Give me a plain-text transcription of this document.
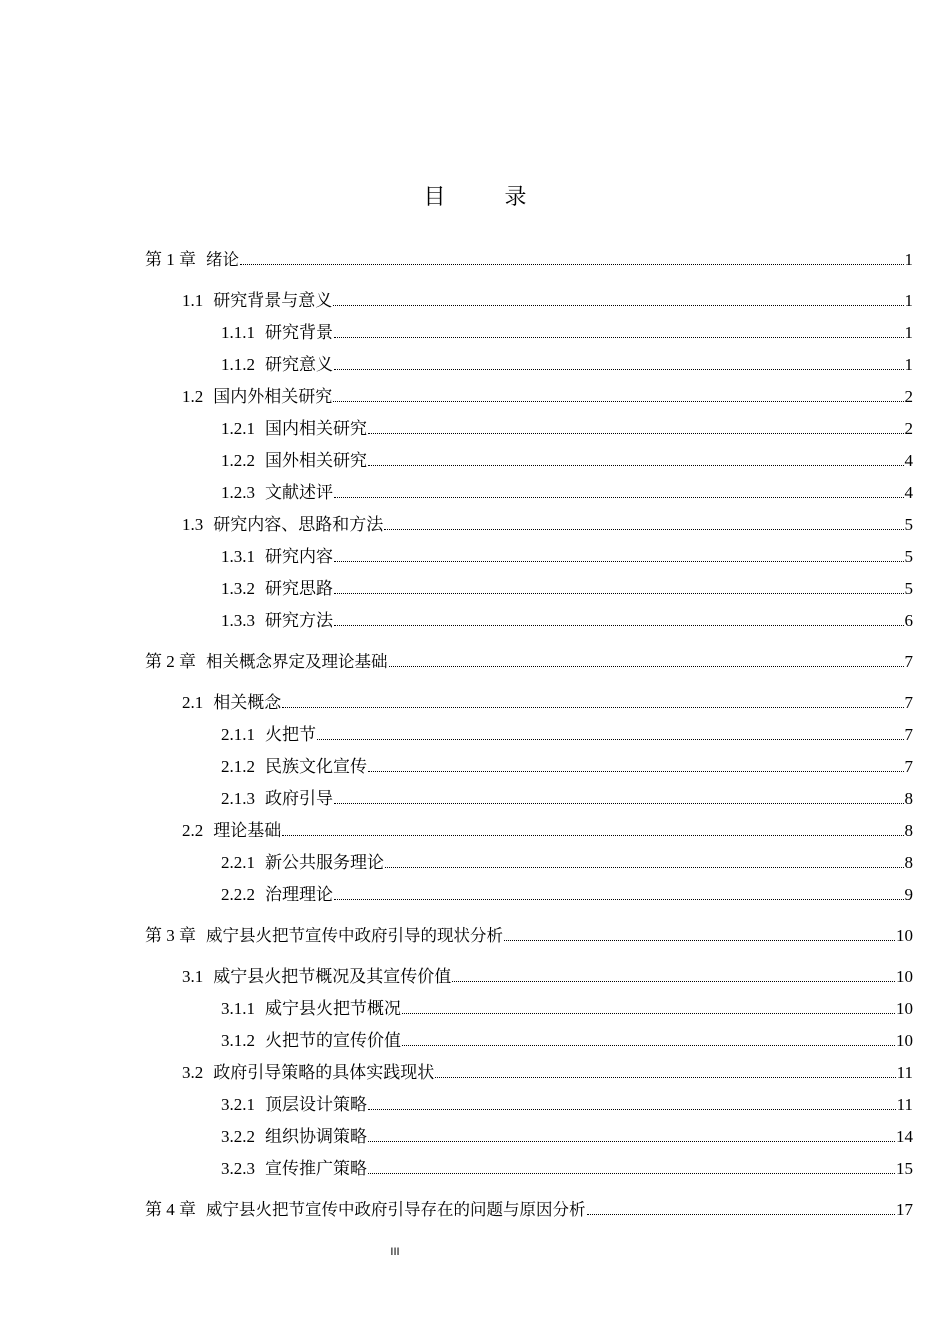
目 录
第 1 章 绪论	1
1.1 研究背景与意义	1
1.1.1 研究背景	1
1.1.2 研究意义	1
1.2 国内外相关研究	2
1.2.1 国内相关研究	2
1.2.2 国外相关研究	4
1.2.3 文献述评	4
1.3 研究内容、思路和方法	5
1.3.1 研究内容	5
1.3.2 研究思路	5
1.3.3 研究方法	6
第 2 章 相关概念界定及理论基础	7
2.1 相关概念	7
2.1.1 火把节	7
2.1.2 民族文化宣传	7
2.1.3 政府引导	8
2.2 理论基础	8
2.2.1 新公共服务理论	8
2.2.2 治理理论	9
第 3 章 威宁县火把节宣传中政府引导的现状分析	10
3.1 威宁县火把节概况及其宣传价值	10
3.1.1 威宁县火把节概况	10
3.1.2 火把节的宣传价值	10
3.2 政府引导策略的具体实践现状	11
3.2.1 顶层设计策略	11
3.2.2 组织协调策略	14
3.2.3 宣传推广策略	15
第 4 章 威宁县火把节宣传中政府引导存在的问题与原因分析	17
III
